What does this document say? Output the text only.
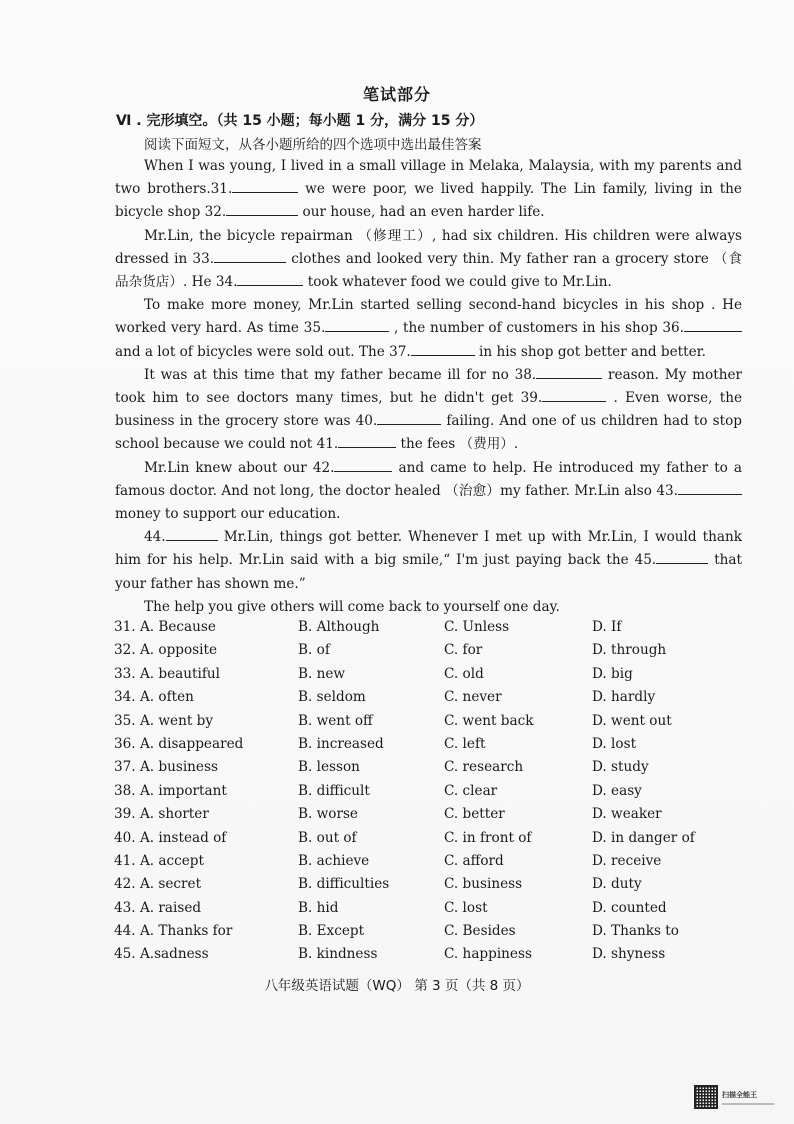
笔试部分
Ⅵ . 完形填空。（共 15 小题；每小题 1 分，满分 15 分）
阅读下面短文，从各小题所给的四个选项中选出最佳答案

When I was young, I lived in a small village in Melaka, Malaysia, with my parents and two brothers.31.	we were poor, we lived happily. The Lin family, living in the bicycle shop 32.	our house, had an even harder life.

Mr.Lin, the bicycle repairman （修理工）, had six children. His children were always dressed in 33.	clothes and looked very thin. My father ran a grocery store （食品杂货店）. He 34.	took whatever food we could give to Mr.Lin.

To make more money, Mr.Lin started selling second-hand bicycles in his shop . He worked very hard. As time 35.	, the number of customers in his shop 36. and a lot of bicycles were sold out. The 37.	in his shop got better and better.

It was at this time that my father became ill for no 38.	reason. My mother took him to see doctors many times, but he didn't get 39.	. Even worse, the business in the grocery store was 40.	failing. And one of us children had to stop school because we could not 41.	the fees （费用）.

Mr.Lin knew about our 42.	and came to help. He introduced my father to a famous doctor. And not long, the doctor healed （治愈）my father. Mr.Lin also 43. money to support our education.

44.	Mr.Lin, things got better. Whenever I met up with Mr.Lin, I would thank him for his help. Mr.Lin said with a big smile,“ I'm just paying back the 45.	that your father has shown me.”

The help you give others will come back to yourself one day.

31. A. Because	B. Although	C. Unless	D. If
32. A. opposite	B. of	C. for	D. through
33. A. beautiful	B. new	C. old	D. big
34. A. often	B. seldom	C. never	D. hardly
35. A. went by	B. went off	C. went back	D. went out
36. A. disappeared	B. increased	C. left	D. lost
37. A. business	B. lesson	C. research	D. study
38. A. important	B. difficult	C. clear	D. easy
39. A. shorter	B. worse	C. better	D. weaker
40. A. instead of	B. out of	C. in front of	D. in danger of
41. A. accept	B. achieve	C. afford	D. receive
42. A. secret	B. difficulties	C. business	D. duty
43. A. raised	B. hid	C. lost	D. counted
44. A. Thanks for	B. Except	C. Besides	D. Thanks to
45. A.sadness	B. kindness	C. happiness	D. shyness
八年级英语试题（WQ） 第 3 页（共 8 页）
扫描全能王
